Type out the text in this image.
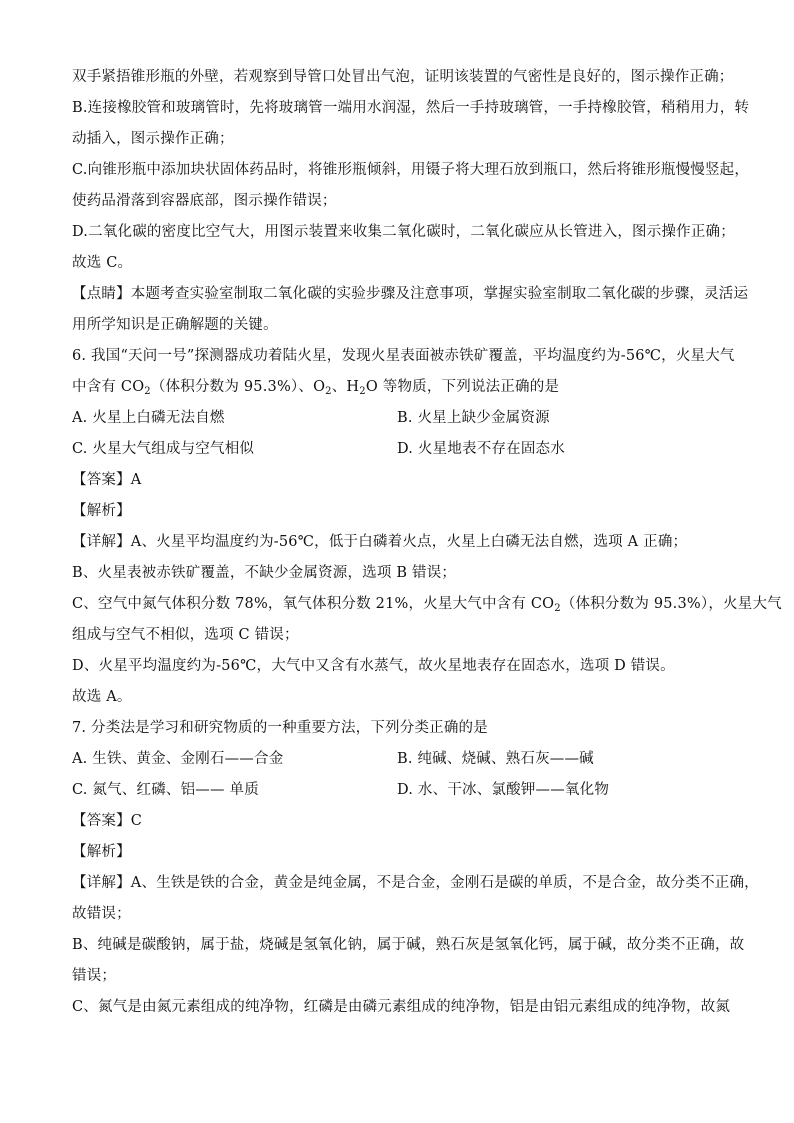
双手紧捂锥形瓶的外壁，若观察到导管口处冒出气泡，证明该装置的气密性是良好的，图示操作正确；
B.连接橡胶管和玻璃管时，先将玻璃管一端用水润湿，然后一手持玻璃管，一手持橡胶管，稍稍用力，转
动插入，图示操作正确；
C.向锥形瓶中添加块状固体药品时，将锥形瓶倾斜，用镊子将大理石放到瓶口，然后将锥形瓶慢慢竖起，
使药品滑落到容器底部，图示操作错误；
D.二氧化碳的密度比空气大，用图示装置来收集二氧化碳时，二氧化碳应从长管进入，图示操作正确；
故选 C。
【点睛】本题考查实验室制取二氧化碳的实验步骤及注意事项，掌握实验室制取二氧化碳的步骤，灵活运
用所学知识是正确解题的关键。
6. 我国“天问一号”探测器成功着陆火星，发现火星表面被赤铁矿覆盖，平均温度约为-56℃，火星大气
中含有 $CO_2$（体积分数为 95.3%）、$O_2$、$H_2O$ 等物质，下列说法正确的是
A. 火星上白磷无法自燃	B. 火星上缺少金属资源
C. 火星大气组成与空气相似	D. 火星地表不存在固态水
【答案】A
【解析】
【详解】A、火星平均温度约为-56℃，低于白磷着火点，火星上白磷无法自燃，选项 A 正确；
B、火星表被赤铁矿覆盖，不缺少金属资源，选项 B 错误；
C、空气中氮气体积分数 78%，氧气体积分数 21%，火星大气中含有 $CO_2$（体积分数为 95.3%），火星大气
组成与空气不相似，选项 C 错误；
D、火星平均温度约为-56℃，大气中又含有水蒸气，故火星地表存在固态水，选项 D 错误。
故选 A。
7. 分类法是学习和研究物质的一种重要方法，下列分类正确的是
A. 生铁、黄金、金刚石——合金	B. 纯碱、烧碱、熟石灰——碱
C. 氮气、红磷、铝—— 单质	D. 水、干冰、氯酸钾——氧化物
【答案】C
【解析】
【详解】A、生铁是铁的合金，黄金是纯金属，不是合金，金刚石是碳的单质，不是合金，故分类不正确，
故错误；
B、纯碱是碳酸钠，属于盐，烧碱是氢氧化钠，属于碱，熟石灰是氢氧化钙，属于碱，故分类不正确，故
错误；
C、氮气是由氮元素组成的纯净物，红磷是由磷元素组成的纯净物，铝是由铝元素组成的纯净物，故氮
